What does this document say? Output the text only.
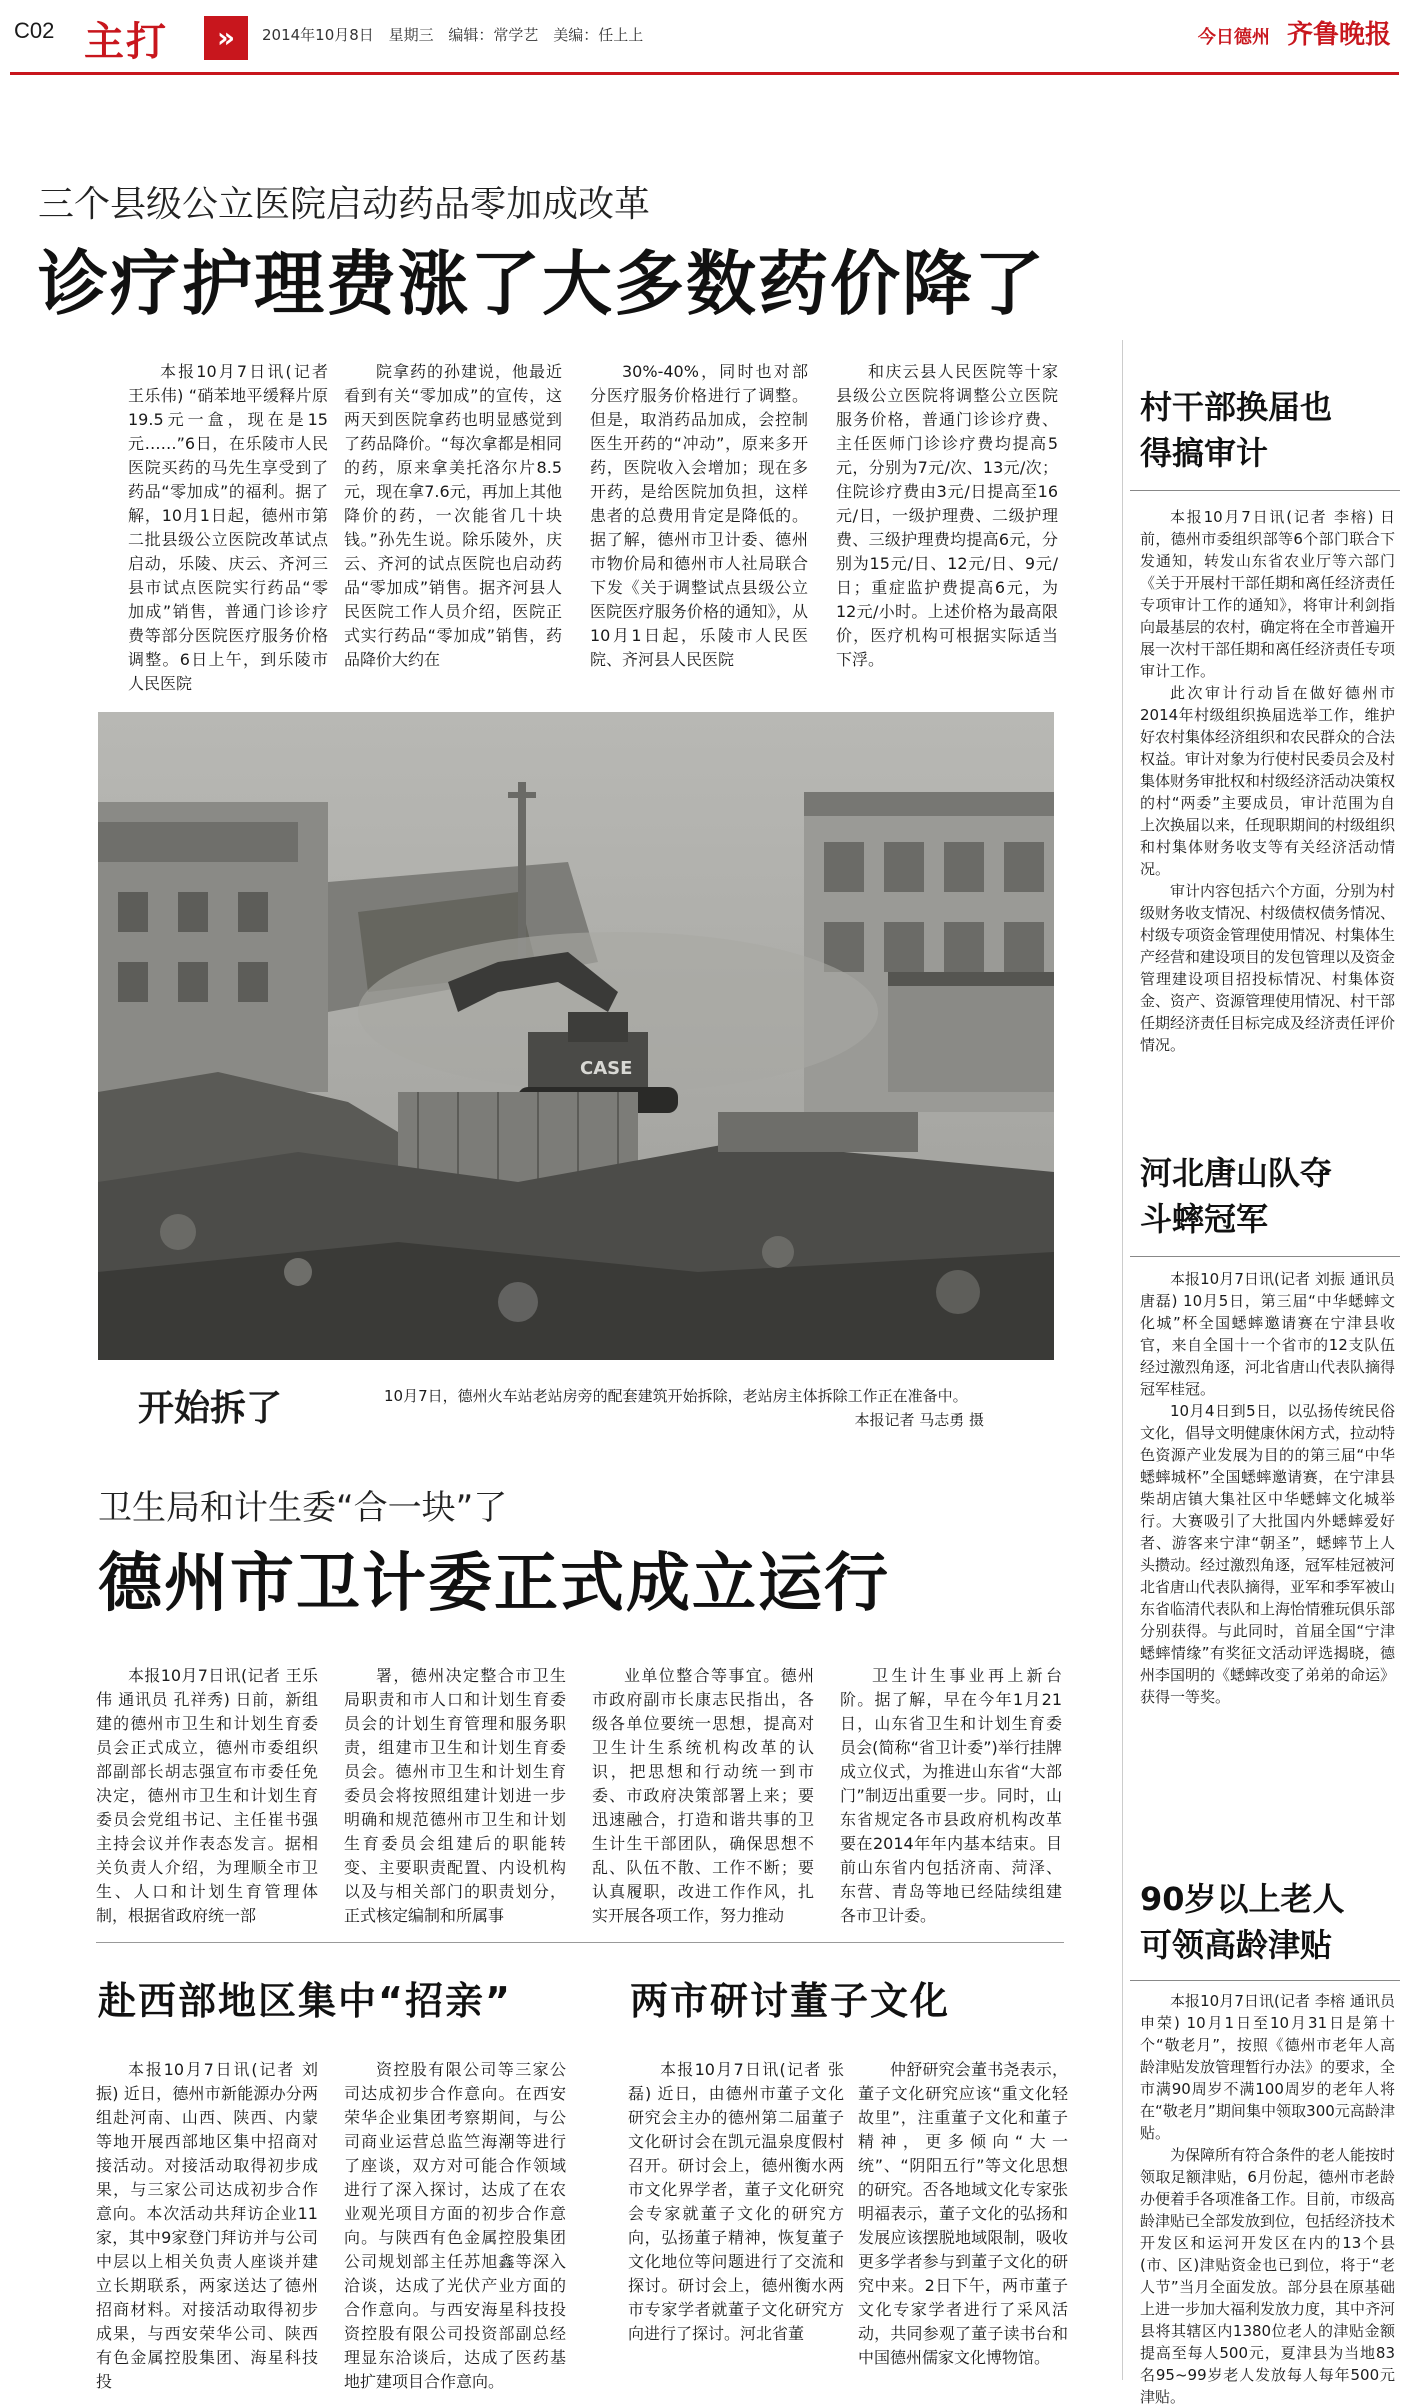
C02 主打	»	2014年10月8日 星期三 编辑：常学艺 美编：任上上	今日德州 齐鲁晚报
三个县级公立医院启动药品零加成改革
诊疗护理费涨了大多数药价降了

本报10月7日讯(记者 王乐伟) “硝苯地平缓释片原19.5元一盒，现在是15元……”6日，在乐陵市人民医院买药的马先生享受到了药品“零加成”的福利。据了解，10月1日起，德州市第二批县级公立医院改革试点启动，乐陵、庆云、齐河三县市试点医院实行药品“零加成”销售，普通门诊诊疗费等部分医院医疗服务价格调整。6日上午，到乐陵市人民医院

院拿药的孙建说，他最近看到有关“零加成”的宣传，这两天到医院拿药也明显感觉到了药品降价。“每次拿都是相同的药，原来拿美托洛尔片8.5元，现在拿7.6元，再加上其他降价的药，一次能省几十块钱。”孙先生说。除乐陵外，庆云、齐河的试点医院也启动药品“零加成”销售。据齐河县人民医院工作人员介绍，医院正式实行药品“零加成”销售，药品降价大约在

30%-40%，同时也对部分医疗服务价格进行了调整。但是，取消药品加成，会控制医生开药的“冲动”，原来多开药，医院收入会增加；现在多开药，是给医院加负担，这样患者的总费用肯定是降低的。据了解，德州市卫计委、德州市物价局和德州市人社局联合下发《关于调整试点县级公立医院医疗服务价格的通知》，从10月1日起，乐陵市人民医院、齐河县人民医院

和庆云县人民医院等十家县级公立医院将调整公立医院服务价格，普通门诊诊疗费、主任医师门诊诊疗费均提高5元，分别为7元/次、13元/次；住院诊疗费由3元/日提高至16元/日，一级护理费、二级护理费、三级护理费均提高6元，分别为15元/日、12元/日、9元/日；重症监护费提高6元，为12元/小时。上述价格为最高限价，医疗机构可根据实际适当下浮。

CASE
开始拆了	10月7日，德州火车站老站房旁的配套建筑开始拆除，老站房主体拆除工作正在准备中。
本报记者 马志勇 摄
卫生局和计生委“合一块”了
德州市卫计委正式成立运行

本报10月7日讯(记者 王乐伟 通讯员 孔祥秀) 日前，新组建的德州市卫生和计划生育委员会正式成立，德州市委组织部副部长胡志强宣布市委任免决定，德州市卫生和计划生育委员会党组书记、主任崔书强主持会议并作表态发言。据相关负责人介绍，为理顺全市卫生、人口和计划生育管理体制，根据省政府统一部

署，德州决定整合市卫生局职责和市人口和计划生育委员会的计划生育管理和服务职责，组建市卫生和计划生育委员会。德州市卫生和计划生育委员会将按照组建计划进一步明确和规范德州市卫生和计划生育委员会组建后的职能转变、主要职责配置、内设机构以及与相关部门的职责划分，正式核定编制和所属事

业单位整合等事宜。德州市政府副市长康志民指出，各级各单位要统一思想，提高对卫生计生系统机构改革的认识，把思想和行动统一到市委、市政府决策部署上来；要迅速融合，打造和谐共事的卫生计生干部团队，确保思想不乱、队伍不散、工作不断；要认真履职，改进工作作风，扎实开展各项工作，努力推动

卫生计生事业再上新台阶。据了解，早在今年1月21日，山东省卫生和计划生育委员会(简称“省卫计委”)举行挂牌成立仪式，为推进山东省“大部门”制迈出重要一步。同时，山东省规定各市县政府机构改革要在2014年年内基本结束。目前山东省内包括济南、菏泽、东营、青岛等地已经陆续组建各市卫计委。

赴西部地区集中“招亲”

本报10月7日讯(记者 刘振) 近日，德州市新能源办分两组赴河南、山西、陕西、内蒙等地开展西部地区集中招商对接活动。对接活动取得初步成果，与三家公司达成初步合作意向。本次活动共拜访企业11家，其中9家登门拜访并与公司中层以上相关负责人座谈并建立长期联系，两家送达了德州招商材料。对接活动取得初步成果，与西安荣华公司、陕西有色金属控股集团、海星科技投

资控股有限公司等三家公司达成初步合作意向。在西安荣华企业集团考察期间，与公司商业运营总监竺海潮等进行了座谈，双方对可能合作领域进行了深入探讨，达成了在农业观光项目方面的初步合作意向。与陕西有色金属控股集团公司规划部主任苏旭鑫等深入洽谈，达成了光伏产业方面的合作意向。与西安海星科技投资控股有限公司投资部副总经理显东洽谈后，达成了医药基地扩建项目合作意向。

两市研讨董子文化

本报10月7日讯(记者 张磊) 近日，由德州市董子文化研究会主办的德州第二届董子文化研讨会在凯元温泉度假村召开。研讨会上，德州衡水两市文化界学者，董子文化研究会专家就董子文化的研究方向，弘扬董子精神，恢复董子文化地位等问题进行了交流和探讨。研讨会上，德州衡水两市专家学者就董子文化研究方向进行了探讨。河北省董

仲舒研究会董书尧表示，董子文化研究应该“重文化轻故里”，注重董子文化和董子精神，更多倾向“大一统”、“阴阳五行”等文化思想的研究。否各地域文化专家张明福表示，董子文化的弘扬和发展应该摆脱地域限制，吸收更多学者参与到董子文化的研究中来。2日下午，两市董子文化专家学者进行了采风活动，共同参观了董子读书台和中国德州儒家文化博物馆。

村干部换届也得搞审计

本报10月7日讯(记者 李榕) 日前，德州市委组织部等6个部门联合下发通知，转发山东省农业厅等六部门《关于开展村干部任期和离任经济责任专项审计工作的通知》，将审计利剑指向最基层的农村，确定将在全市普遍开展一次村干部任期和离任经济责任专项审计工作。

此次审计行动旨在做好德州市2014年村级组织换届选举工作，维护好农村集体经济组织和农民群众的合法权益。审计对象为行使村民委员会及村集体财务审批权和村级经济活动决策权的村“两委”主要成员，审计范围为自上次换届以来，任现职期间的村级组织和村集体财务收支等有关经济活动情况。

审计内容包括六个方面，分别为村级财务收支情况、村级债权债务情况、村级专项资金管理使用情况、村集体生产经营和建设项目的发包管理以及资金管理建设项目招投标情况、村集体资金、资产、资源管理使用情况、村干部任期经济责任目标完成及经济责任评价情况。

河北唐山队夺斗蟀冠军

本报10月7日讯(记者 刘振 通讯员 唐磊) 10月5日，第三届“中华蟋蟀文化城”杯全国蟋蟀邀请赛在宁津县收官，来自全国十一个省市的12支队伍经过激烈角逐，河北省唐山代表队摘得冠军桂冠。

10月4日到5日，以弘扬传统民俗文化，倡导文明健康休闲方式，拉动特色资源产业发展为目的的第三届“中华蟋蟀城杯”全国蟋蟀邀请赛，在宁津县柴胡店镇大集社区中华蟋蟀文化城举行。大赛吸引了大批国内外蟋蟀爱好者、游客来宁津“朝圣”，蟋蟀节上人头攒动。经过激烈角逐，冠军桂冠被河北省唐山代表队摘得，亚军和季军被山东省临清代表队和上海怡情雅玩俱乐部分别获得。与此同时，首届全国“宁津蟋蟀情缘”有奖征文活动评选揭晓，德州李国明的《蟋蟀改变了弟弟的命运》获得一等奖。

90岁以上老人可领高龄津贴

本报10月7日讯(记者 李榕 通讯员 申荣) 10月1日至10月31日是第十个“敬老月”，按照《德州市老年人高龄津贴发放管理暂行办法》的要求，全市满90周岁不满100周岁的老年人将在“敬老月”期间集中领取300元高龄津贴。

为保障所有符合条件的老人能按时领取足额津贴，6月份起，德州市老龄办便着手各项准备工作。目前，市级高龄津贴已全部发放到位，包括经济技术开发区和运河开发区在内的13个县(市、区)津贴资金也已到位，将于“老人节”当月全面发放。部分县在原基础上进一步加大福利发放力度，其中齐河县将其辖区内1380位老人的津贴金额提高至每人500元，夏津县为当地83名95~99岁老人发放每人每年500元津贴。
